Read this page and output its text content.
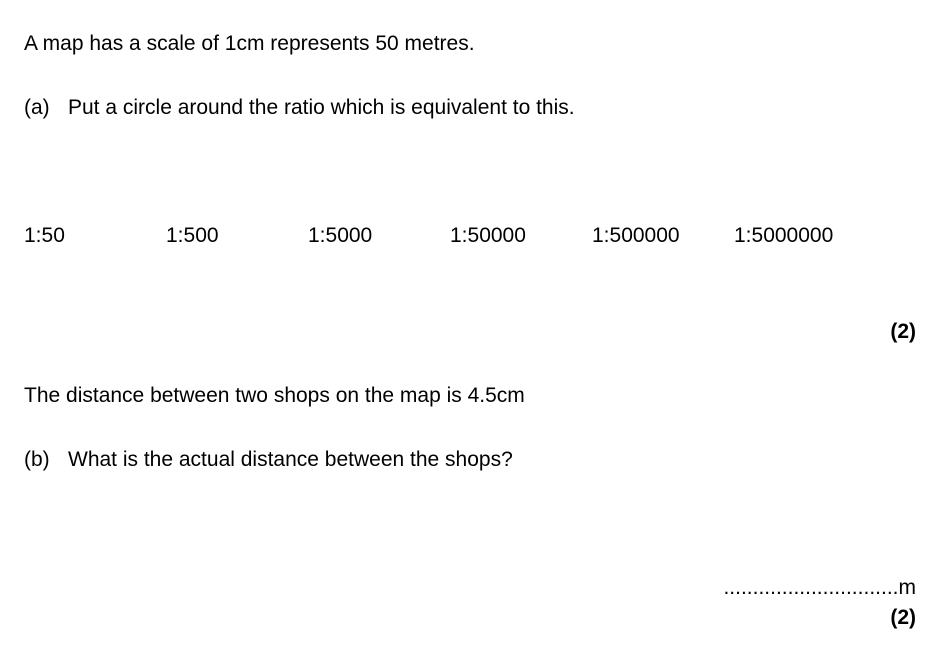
A map has a scale of 1cm represents 50 metres.
(a) Put a circle around the ratio which is equivalent to this.
1:50	1:500	1:5000	1:50000	1:500000	1:5000000
(2)
The distance between two shops on the map is 4.5cm
(b) What is the actual distance between the shops?
..............................m
(2)
